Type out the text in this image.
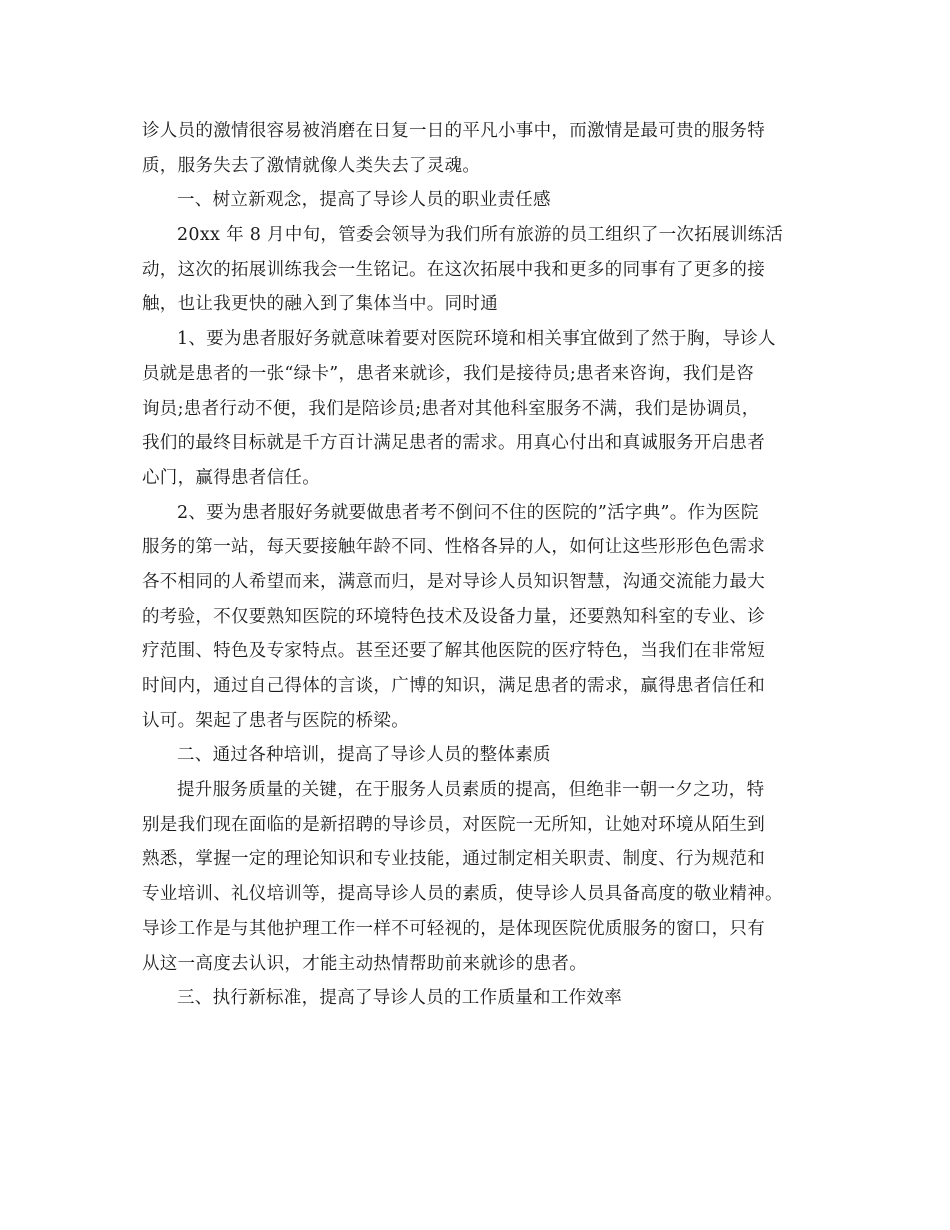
诊人员的激情很容易被消磨在日复一日的平凡小事中，而激情是最可贵的服务特
质，服务失去了激情就像人类失去了灵魂。
一、树立新观念，提高了导诊人员的职业责任感
20xx 年 8 月中旬，管委会领导为我们所有旅游的员工组织了一次拓展训练活
动，这次的拓展训练我会一生铭记。在这次拓展中我和更多的同事有了更多的接
触，也让我更快的融入到了集体当中。同时通
1、要为患者服好务就意味着要对医院环境和相关事宜做到了然于胸，导诊人
员就是患者的一张“绿卡”，患者来就诊，我们是接待员;患者来咨询，我们是咨
询员;患者行动不便，我们是陪诊员;患者对其他科室服务不满，我们是协调员，
我们的最终目标就是千方百计满足患者的需求。用真心付出和真诚服务开启患者
心门，赢得患者信任。
2、要为患者服好务就要做患者考不倒问不住的医院的”活字典”。作为医院
服务的第一站，每天要接触年龄不同、性格各异的人，如何让这些形形色色需求
各不相同的人希望而来，满意而归，是对导诊人员知识智慧，沟通交流能力最大
的考验，不仅要熟知医院的环境特色技术及设备力量，还要熟知科室的专业、诊
疗范围、特色及专家特点。甚至还要了解其他医院的医疗特色，当我们在非常短
时间内，通过自己得体的言谈，广博的知识，满足患者的需求，赢得患者信任和
认可。架起了患者与医院的桥梁。
二、通过各种培训，提高了导诊人员的整体素质
提升服务质量的关键，在于服务人员素质的提高，但绝非一朝一夕之功，特
别是我们现在面临的是新招聘的导诊员，对医院一无所知，让她对环境从陌生到
熟悉，掌握一定的理论知识和专业技能，通过制定相关职责、制度、行为规范和
专业培训、礼仪培训等，提高导诊人员的素质，使导诊人员具备高度的敬业精神。
导诊工作是与其他护理工作一样不可轻视的，是体现医院优质服务的窗口，只有
从这一高度去认识，才能主动热情帮助前来就诊的患者。
三、执行新标准，提高了导诊人员的工作质量和工作效率
